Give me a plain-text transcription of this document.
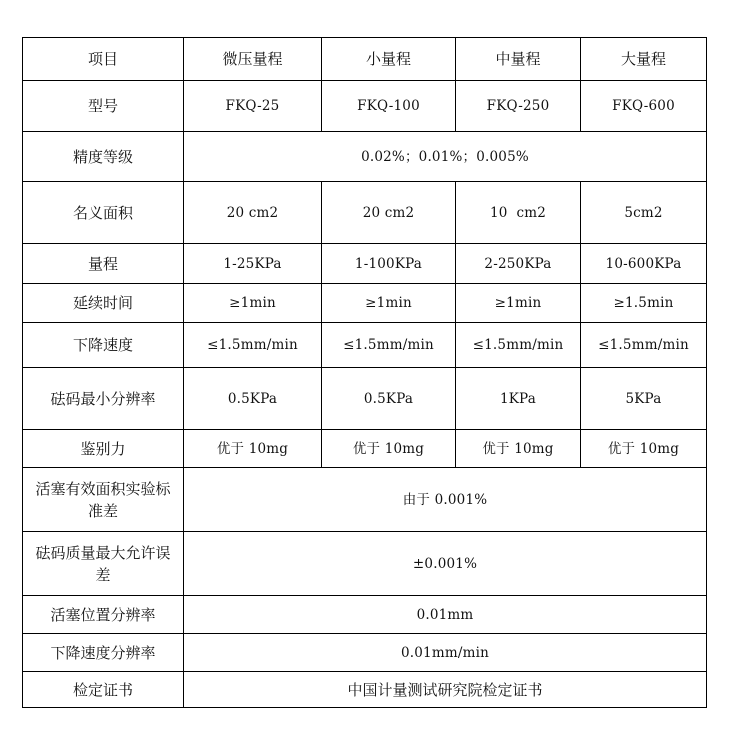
项目	微压量程	小量程	中量程	大量程
型号	FKQ-25	FKQ-100	FKQ-250	FKQ-600
精度等级	0.02%；0.01%；0.005%			
名义面积	20 cm2	20 cm2	10  cm2	5cm2
量程	1-25KPa	1-100KPa	2-250KPa	10-600KPa
延续时间	≥1min	≥1min	≥1min	≥1.5min
下降速度	≤1.5mm/min	≤1.5mm/min	≤1.5mm/min	≤1.5mm/min
砝码最小分辨率	0.5KPa	0.5KPa	1KPa	5KPa
鉴别力	优于 10mg	优于 10mg	优于 10mg	优于 10mg
活塞有效面积实验标准差	由于 0.001%			
砝码质量最大允许误差	±0.001%			
活塞位置分辨率	0.01mm			
下降速度分辨率	0.01mm/min			
检定证书	中国计量测试研究院检定证书			
